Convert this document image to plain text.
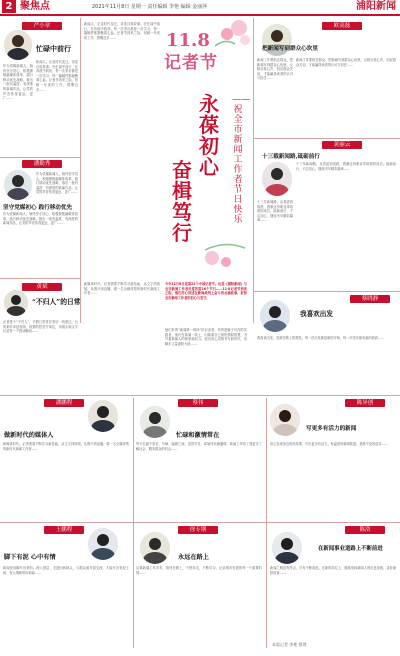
2 聚焦点	2021年11月8日 星期一 责任编辑 李艳 编辑 金丽萍	浦阳新闻
严小章
忙碌中前行
新闻人，记录时代变迁，讲述百姓故事。在忙碌中前行，在奔波中收获。每一次采访都是一次学习，每一篇稿件都凝聚着心血。记者节到来之际，回顾一年来的工作，感慨良多……
作为党媒新闻人，始终坚守初心，积极拥抱融媒体改革，践行移动优先战略，推出一批有温度、有深度的新闻作品，让党的声音传得更远、更广……
潘勤秀
坚守党媒初心 践行移动优先
作为党媒新闻人，始终坚守初心，积极拥抱融媒体改革，践行移动优先战略，推出一批有温度、有深度的新闻作品，让党的声音传得更远、更广……
作为党媒新闻人，始终坚守初心，积极拥抱融媒体改革，践行移动优先战略，推出一批有温度、有深度的新闻作品，让党的声音传得更远、更广……
黄斌
“不归人”的日常
记者是个“不归人”，节假日常常在采访一线度过。台风来时奔赴现场，疫情防控坚守岗位，用镜头和文字记录每一个感动瞬间……
新闻人，记录时代变迁，讲述百姓故事。在忙碌中前行，在奔波中收获。每一次采访都是一次学习，每一篇稿件都凝聚着心血。记者节到来之际，回顾一年来的工作，感慨良多……	11.8
记者节
永葆初心
——祝全市新闻工作者节日快乐
奋楫笃行
今年11月8日是第22个中国记者节。也是《浦阳新闻》与全市新闻工作者共度的第16个节日……11·8记者节到来之际，他们用心讲述在新闻战线上奋斗的点滴故事，折射全市新闻工作者的初心与坚守。
他们有的“新闻第一现场”的记录者，有的是敏于写作的实践者，他们在新闻一线上，闪烁着自己的热情和智慧，书写着新闻人的使命和担当。他们用心用情书写新时代，用脚步丈量浦阳大地……
新媒体时代，记者需要不断学习新技能，从文字到视频，从图片到直播，做一名全媒体型的新时代新闻工作者……
欧高磊
把新闻写到群众心坎里
新闻工作要贴近群众，把新闻写到群众心坎里，反映百姓心声，回应群众关切，才能赢得读者的认可与信任……
新闻工作要贴近群众，把新闻写到群众心坎里，反映百姓心声，回应群众关切，才能赢得读者的认可与信任……
黄丽云
十三载新闻路,砥砺前行
十三年新闻路，从青涩到成熟，感谢这份职业带给我的成长。砥砺前行，不忘初心，继续书写精彩篇章……
十三年新闻路，从青涩到成熟，感谢这份职业带给我的成长。砥砺前行，不忘初心，继续书写精彩篇章……
蔡晓静
我喜欢出发
我喜欢出发，喜欢在路上的感觉。每一次出发都是新的开始，每一次采访都有新的收获……
潘鹏程
做新时代的媒体人
新媒体时代，记者需要不断学习新技能，从文字到视频，从图片到直播，做一名全媒体型的新时代新闻工作者……
蔡伟
忙碌和激情常在
每天忙碌于采访、写稿、编辑之间，虽然辛苦，却始终充满激情。新闻工作给了我更多了解社会、服务群众的机会……
陈异创
写更多有活力的新闻
用心发现身边的好故事，写出更多有活力、有温度的新闻报道，是我不变的追求……
王鹏程
脚下有泥 心中有情
新闻是用脚写出来的。深入基层、走进田间地头，与群众面对面交流，才能写出有泥土味、有人情味的好新闻……
徐专钢
永远在路上
从事新闻工作多年，始终在路上，不停奔走，不断学习，记录城市发展的每一个重要时刻……
陈浩
在新闻事业道路上不断前进
新闻之路没有终点，只有不断前进。在新的岗位上，继续发扬新闻人的优良传统，讲好浦阳故事……
本版记者 李艳 整理
